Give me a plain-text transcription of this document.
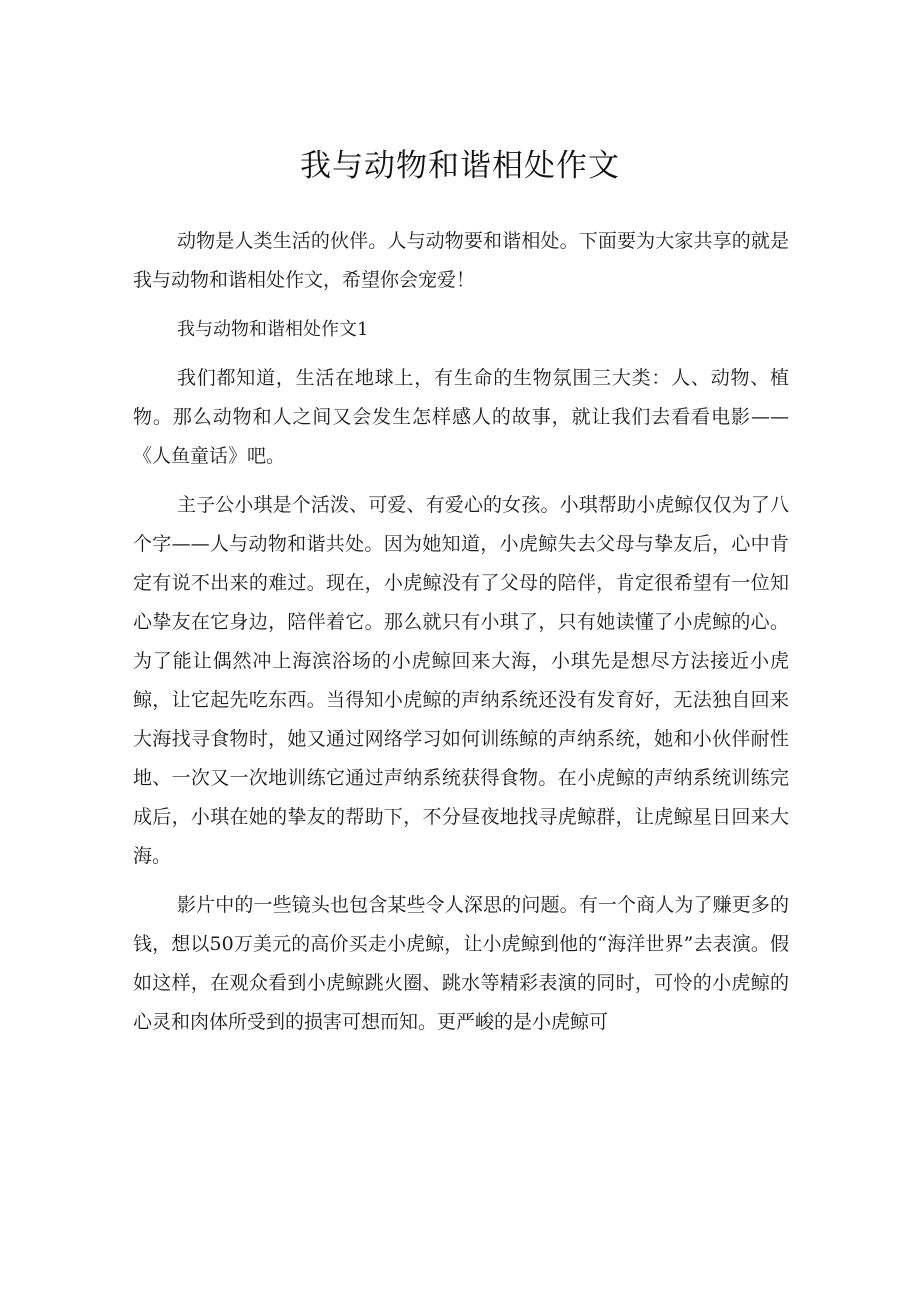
我与动物和谐相处作文

动物是人类生活的伙伴。人与动物要和谐相处。下面要为大家共享的就是我与动物和谐相处作文，希望你会宠爱！

我与动物和谐相处作文1

我们都知道，生活在地球上，有生命的生物氛围三大类：人、动物、植物。那么动物和人之间又会发生怎样感人的故事，就让我们去看看电影——《人鱼童话》吧。

主子公小琪是个活泼、可爱、有爱心的女孩。小琪帮助小虎鲸仅仅为了八个字——人与动物和谐共处。因为她知道，小虎鲸失去父母与挚友后，心中肯定有说不出来的难过。现在，小虎鲸没有了父母的陪伴，肯定很希望有一位知心挚友在它身边，陪伴着它。那么就只有小琪了，只有她读懂了小虎鲸的心。为了能让偶然冲上海滨浴场的小虎鲸回来大海，小琪先是想尽方法接近小虎鲸，让它起先吃东西。当得知小虎鲸的声纳系统还没有发育好，无法独自回来大海找寻食物时，她又通过网络学习如何训练鲸的声纳系统，她和小伙伴耐性地、一次又一次地训练它通过声纳系统获得食物。在小虎鲸的声纳系统训练完成后，小琪在她的挚友的帮助下，不分昼夜地找寻虎鲸群，让虎鲸星日回来大海。

影片中的一些镜头也包含某些令人深思的问题。有一个商人为了赚更多的钱，想以50万美元的高价买走小虎鲸，让小虎鲸到他的“海洋世界”去表演。假如这样，在观众看到小虎鲸跳火圈、跳水等精彩表演的同时，可怜的小虎鲸的心灵和肉体所受到的损害可想而知。更严峻的是小虎鲸可
